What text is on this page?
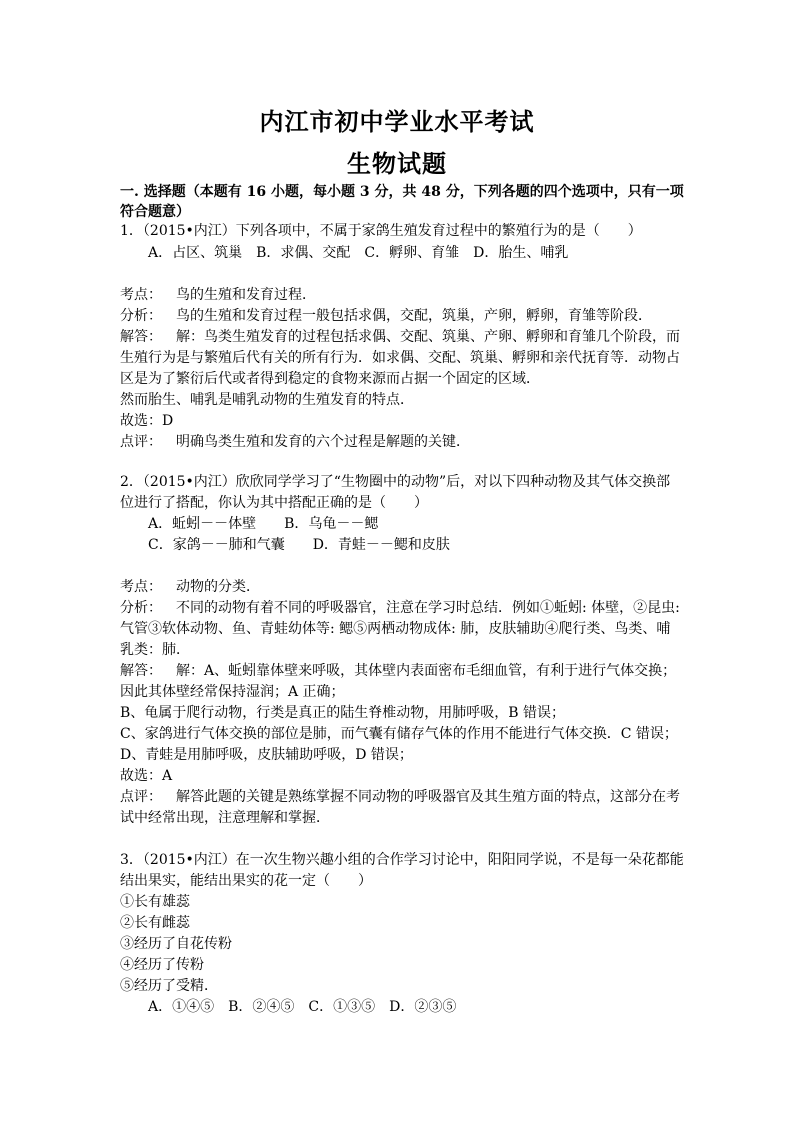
内江市初中学业水平考试
生物试题
一. 选择题（本题有 16 小题，每小题 3 分，共 48 分，下列各题的四个选项中，只有一项
符合题意）
1．（2015•内江）下列各项中，不属于家鸽生殖发育过程中的繁殖行为的是（　　）
A．占区、筑巢　B．求偶、交配　C．孵卵、育雏　D．胎生、哺乳
考点： 鸟的生殖和发育过程．
分析： 鸟的生殖和发育过程一般包括求偶，交配，筑巢，产卵，孵卵，育雏等阶段．
解答： 解：鸟类生殖发育的过程包括求偶、交配、筑巢、产卵、孵卵和育雏几个阶段，而
生殖行为是与繁殖后代有关的所有行为．如求偶、交配、筑巢、孵卵和亲代抚育等．动物占
区是为了繁衍后代或者得到稳定的食物来源而占据一个固定的区域．
然而胎生、哺乳是哺乳动物的生殖发育的特点．
故选：D
点评： 明确鸟类生殖和发育的六个过程是解题的关键．
2．（2015•内江）欣欣同学学习了“生物圈中的动物”后，对以下四种动物及其气体交换部
位进行了搭配，你认为其中搭配正确的是（　　）
A．蚯蚓－－体壁　　B．乌龟－－鳃
C．家鸽－－肺和气囊　　D．青蛙－－鳃和皮肤
考点： 动物的分类．
分析： 不同的动物有着不同的呼吸器官，注意在学习时总结．例如①蚯蚓: 体壁，②昆虫:
气管③软体动物、鱼、青蛙幼体等: 鳃⑤两栖动物成体: 肺，皮肤辅助④爬行类、鸟类、哺
乳类：肺．
解答： 解：A、蚯蚓靠体壁来呼吸，其体壁内表面密布毛细血管，有利于进行气体交换；
因此其体壁经常保持湿润；A 正确；
B、龟属于爬行动物，行类是真正的陆生脊椎动物，用肺呼吸，B 错误；
C、家鸽进行气体交换的部位是肺，而气囊有储存气体的作用不能进行气体交换．C 错误；
D、青蛙是用肺呼吸，皮肤辅助呼吸，D 错误；
故选：A
点评： 解答此题的关键是熟练掌握不同动物的呼吸器官及其生殖方面的特点，这部分在考
试中经常出现，注意理解和掌握．
3．（2015•内江）在一次生物兴趣小组的合作学习讨论中，阳阳同学说，不是每一朵花都能
结出果实，能结出果实的花一定（　　）
①长有雄蕊
②长有雌蕊
③经历了自花传粉
④经历了传粉
⑤经历了受精．
A．①④⑤　B．②④⑤　C．①③⑤　D．②③⑤
